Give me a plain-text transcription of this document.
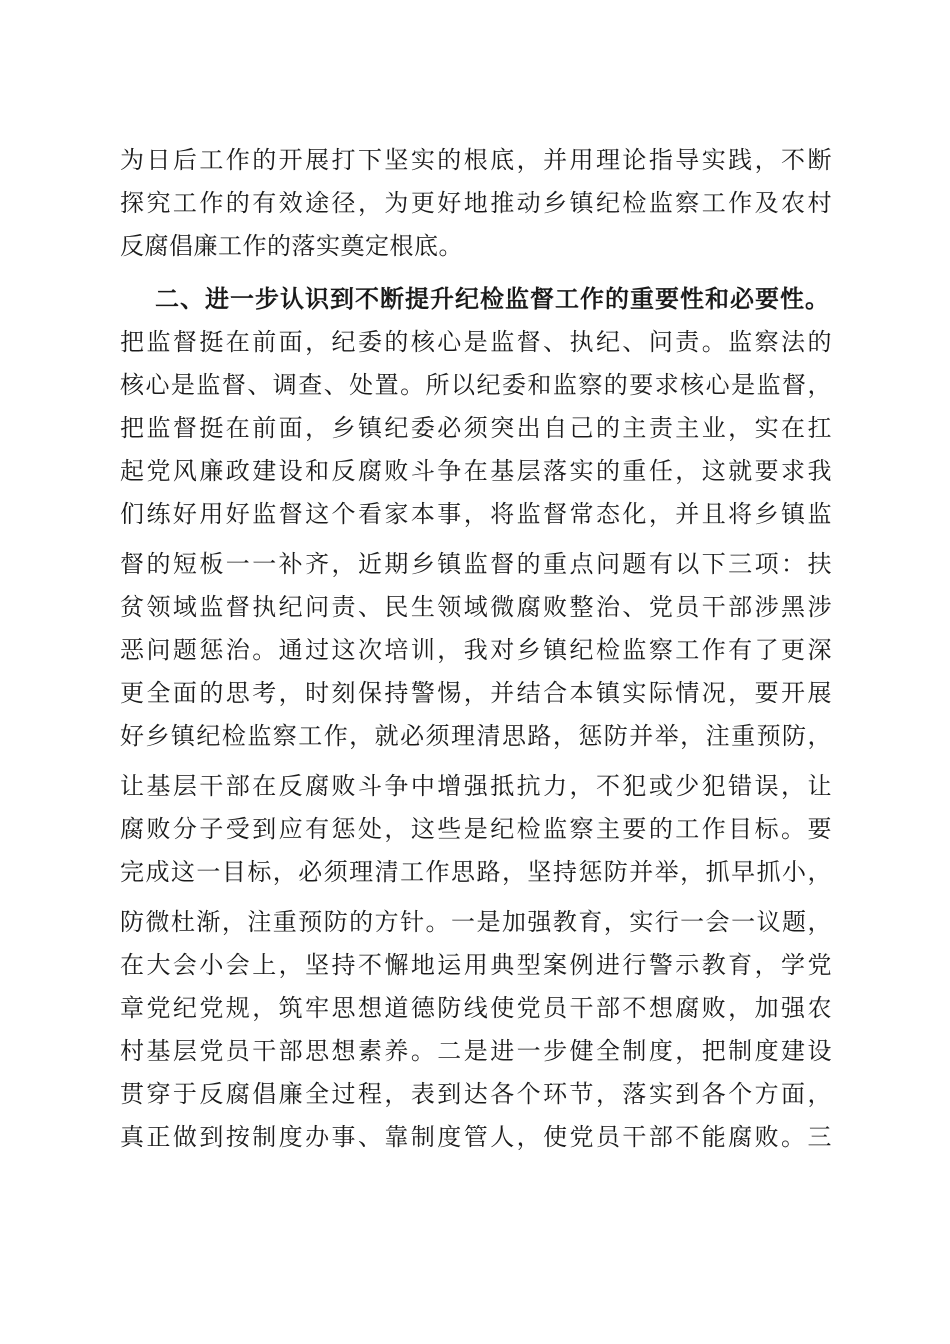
为日后工作的开展打下坚实的根底，并用理论指导实践，不断
探究工作的有效途径，为更好地推动乡镇纪检监察工作及农村
反腐倡廉工作的落实奠定根底。
二、进一步认识到不断提升纪检监督工作的重要性和必要性。
把监督挺在前面，纪委的核心是监督、执纪、问责。监察法的
核心是监督、调查、处置。所以纪委和监察的要求核心是监督，
把监督挺在前面，乡镇纪委必须突出自己的主责主业，实在扛
起党风廉政建设和反腐败斗争在基层落实的重任，这就要求我
们练好用好监督这个看家本事，将监督常态化，并且将乡镇监
督的短板一一补齐，近期乡镇监督的重点问题有以下三项：扶
贫领域监督执纪问责、民生领域微腐败整治、党员干部涉黑涉
恶问题惩治。通过这次培训，我对乡镇纪检监察工作有了更深
更全面的思考，时刻保持警惕，并结合本镇实际情况，要开展
好乡镇纪检监察工作，就必须理清思路，惩防并举，注重预防，
让基层干部在反腐败斗争中增强抵抗力，不犯或少犯错误，让
腐败分子受到应有惩处，这些是纪检监察主要的工作目标。要
完成这一目标，必须理清工作思路，坚持惩防并举，抓早抓小，
防微杜渐，注重预防的方针。一是加强教育，实行一会一议题，
在大会小会上，坚持不懈地运用典型案例进行警示教育，学党
章党纪党规，筑牢思想道德防线使党员干部不想腐败，加强农
村基层党员干部思想素养。二是进一步健全制度，把制度建设
贯穿于反腐倡廉全过程，表到达各个环节，落实到各个方面，
真正做到按制度办事、靠制度管人，使党员干部不能腐败。三
